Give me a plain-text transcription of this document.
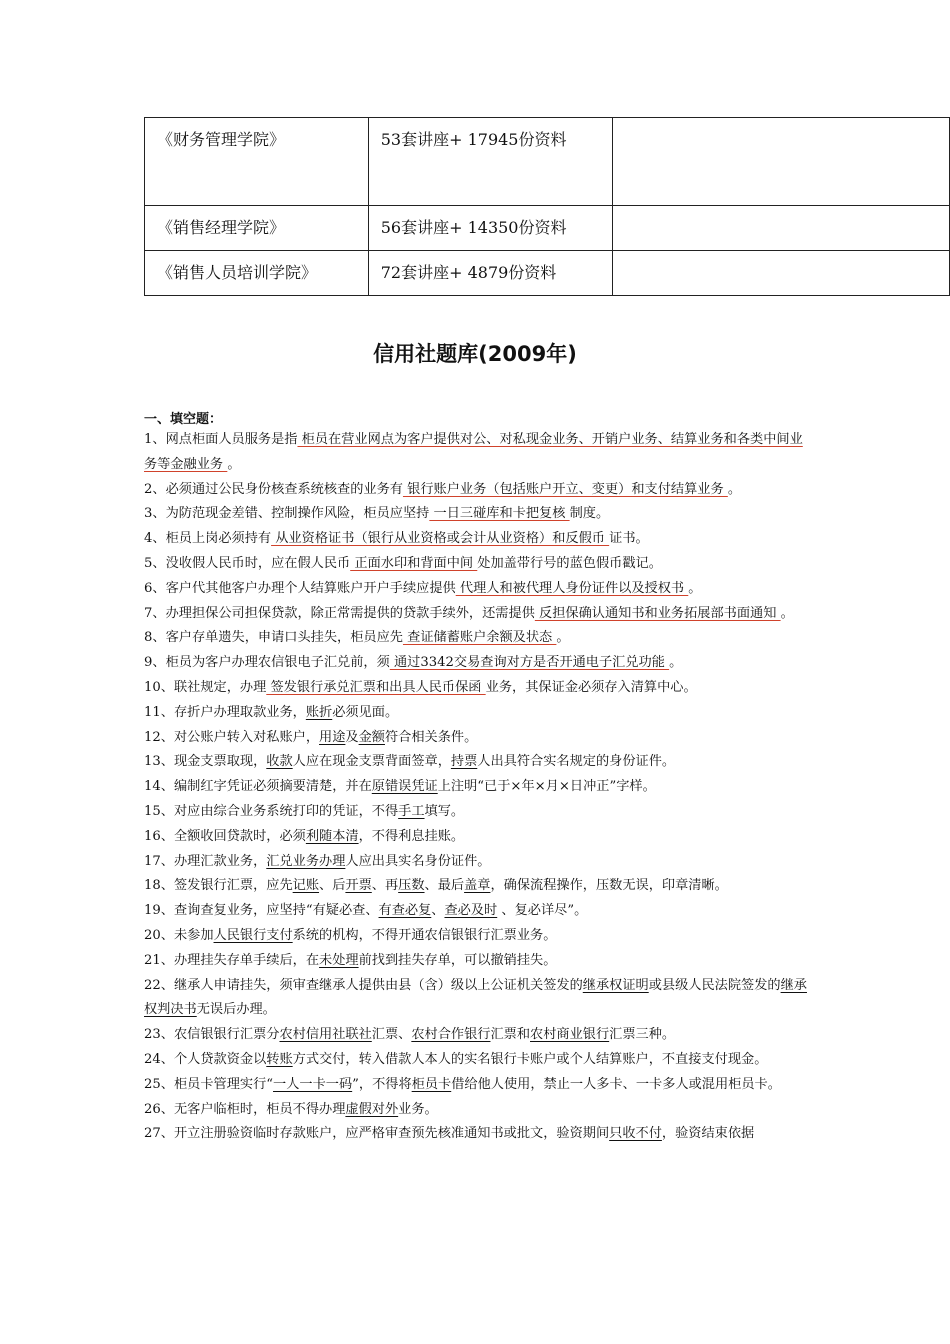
《财务管理学院》	53套讲座+ 17945份资料	
《销售经理学院》	56套讲座+ 14350份资料	
《销售人员培训学院》	72套讲座+ 4879份资料	
信用社题库(2009年)
一、填空题：

1、网点柜面人员服务是指 柜员在营业网点为客户提供对公、对私现金业务、开销户业务、结算业务和各类中间业务等金融业务 。

2、必须通过公民身份核查系统核查的业务有 银行账户业务（包括账户开立、变更）和支付结算业务 。

3、为防范现金差错、控制操作风险，柜员应坚持 一日三碰库和卡把复核 制度。

4、柜员上岗必须持有 从业资格证书（银行从业资格或会计从业资格）和反假币 证书。

5、没收假人民币时，应在假人民币 正面水印和背面中间 处加盖带行号的蓝色假币戳记。

6、客户代其他客户办理个人结算账户开户手续应提供 代理人和被代理人身份证件以及授权书 。

7、办理担保公司担保贷款，除正常需提供的贷款手续外，还需提供 反担保确认通知书和业务拓展部书面通知 。

8、客户存单遗失，申请口头挂失，柜员应先 查证储蓄账户余额及状态 。

9、柜员为客户办理农信银电子汇兑前，须 通过3342交易查询对方是否开通电子汇兑功能 。

10、联社规定，办理 签发银行承兑汇票和出具人民币保函 业务，其保证金必须存入清算中心。

11、存折户办理取款业务，账折必须见面。

12、对公账户转入对私账户，用途及金额符合相关条件。

13、现金支票取现，收款人应在现金支票背面签章，持票人出具符合实名规定的身份证件。

14、编制红字凭证必须摘要清楚，并在原错误凭证上注明“已于×年×月×日冲正”字样。

15、对应由综合业务系统打印的凭证，不得手工填写。

16、全额收回贷款时，必须利随本清，不得利息挂账。

17、办理汇款业务，汇兑业务办理人应出具实名身份证件。

18、签发银行汇票，应先记账、后开票、再压数、最后盖章，确保流程操作，压数无误，印章清晰。

19、查询查复业务，应坚持“有疑必查、有查必复、查必及时 、复必详尽”。

20、未参加人民银行支付系统的机构，不得开通农信银银行汇票业务。

21、办理挂失存单手续后，在未处理前找到挂失存单，可以撤销挂失。

22、继承人申请挂失，须审查继承人提供由县（含）级以上公证机关签发的继承权证明或县级人民法院签发的继承权判决书无误后办理。

23、农信银银行汇票分农村信用社联社汇票、农村合作银行汇票和农村商业银行汇票三种。

24、个人贷款资金以转账方式交付，转入借款人本人的实名银行卡账户或个人结算账户，不直接支付现金。

25、柜员卡管理实行“一人一卡一码”，不得将柜员卡借给他人使用，禁止一人多卡、一卡多人或混用柜员卡。

26、无客户临柜时，柜员不得办理虚假对外业务。

27、开立注册验资临时存款账户，应严格审查预先核准通知书或批文，验资期间只收不付，验资结束依据
